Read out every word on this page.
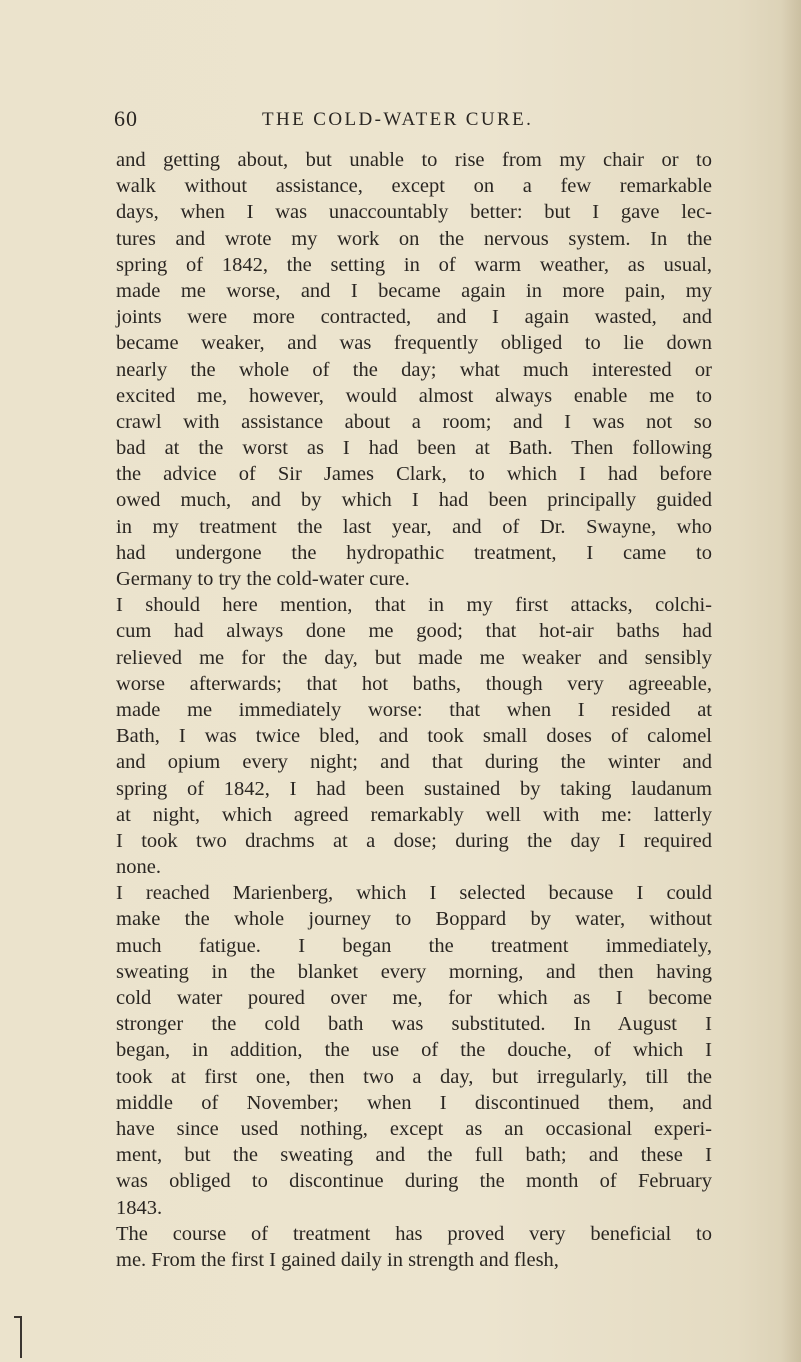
60	THE COLD-WATER CURE.
and getting about, but unable to rise from my chair or to
walk without assistance, except on a few remarkable
days, when I was unaccountably better: but I gave lec-
tures and wrote my work on the nervous system. In the
spring of 1842, the setting in of warm weather, as usual,
made me worse, and I became again in more pain, my
joints were more contracted, and I again wasted, and
became weaker, and was frequently obliged to lie down
nearly the whole of the day; what much interested or
excited me, however, would almost always enable me to
crawl with assistance about a room; and I was not so
bad at the worst as I had been at Bath. Then following
the advice of Sir James Clark, to which I had before
owed much, and by which I had been principally guided
in my treatment the last year, and of Dr. Swayne, who
had undergone the hydropathic treatment, I came to
Germany to try the cold-water cure.
I should here mention, that in my first attacks, colchi-
cum had always done me good; that hot-air baths had
relieved me for the day, but made me weaker and sensibly
worse afterwards; that hot baths, though very agreeable,
made me immediately worse: that when I resided at
Bath, I was twice bled, and took small doses of calomel
and opium every night; and that during the winter and
spring of 1842, I had been sustained by taking laudanum
at night, which agreed remarkably well with me: latterly
I took two drachms at a dose; during the day I required
none.
I reached Marienberg, which I selected because I could
make the whole journey to Boppard by water, without
much fatigue. I began the treatment immediately,
sweating in the blanket every morning, and then having
cold water poured over me, for which as I become
stronger the cold bath was substituted. In August I
began, in addition, the use of the douche, of which I
took at first one, then two a day, but irregularly, till the
middle of November; when I discontinued them, and
have since used nothing, except as an occasional experi-
ment, but the sweating and the full bath; and these I
was obliged to discontinue during the month of February
1843.
The course of treatment has proved very beneficial to
me. From the first I gained daily in strength and flesh,
